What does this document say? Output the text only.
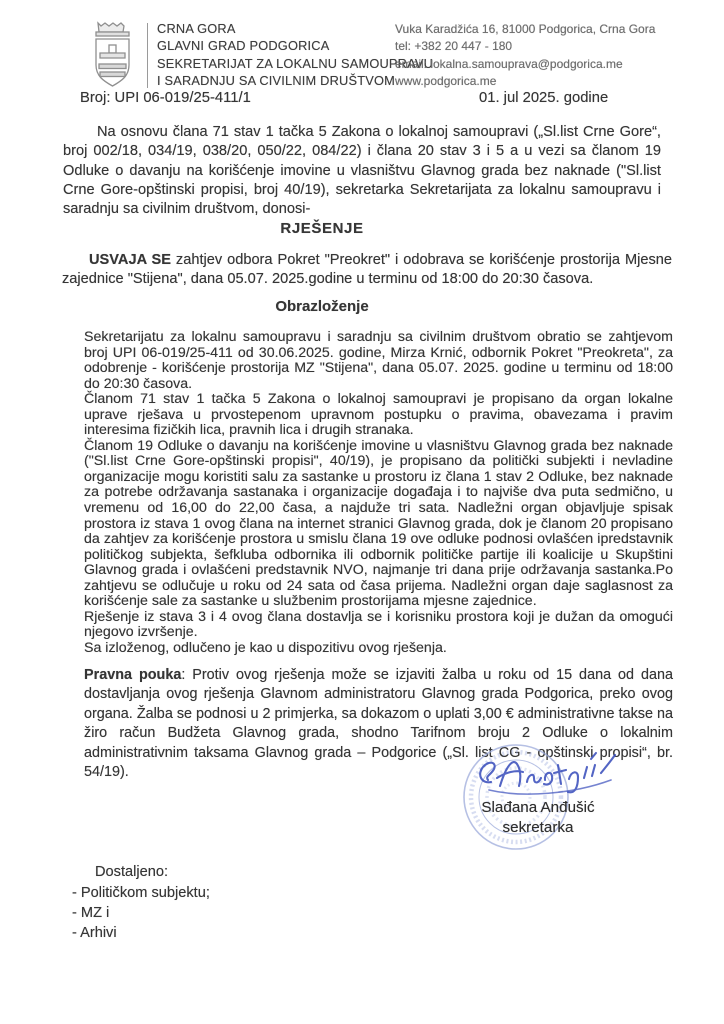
CRNA GORA
GLAVNI GRAD PODGORICA
SEKRETARIJAT ZA LOKALNU SAMOUPRAVU
I SARADNJU SA CIVILNIM DRUŠTVOM
Vuka Karadžića 16, 81000 Podgorica, Crna Gora
tel: +382 20 447 - 180
email: lokalna.samouprava@podgorica.me
www.podgorica.me
Broj: UPI 06-019/25-411/1	01. jul 2025. godine

Na osnovu člana 71 stav 1 tačka 5 Zakona o lokalnoj samoupravi („Sl.list Crne Gore“, broj 002/18, 034/19, 038/20, 050/22, 084/22) i člana 20 stav 3 i 5 a u vezi sa članom 19 Odluke o davanju na korišćenje imovine u vlasništvu Glavnog grada bez naknade ("Sl.list Crne Gore-opštinski propisi, broj 40/19), sekretarka Sekretarijata za lokalnu samoupravu i saradnju sa civilnim društvom, donosi-

RJEŠENJE

USVAJA SE zahtjev odbora Pokret "Preokret" i odobrava se korišćenje prostorija Mjesne zajednice "Stijena", dana 05.07. 2025.godine u terminu od 18:00 do 20:30 časova.

Obrazloženje

Sekretarijatu za lokalnu samoupravu i saradnju sa civilnim društvom obratio se zahtjevom broj UPI 06-019/25-411 od 30.06.2025. godine, Mirza Krnić, odbornik Pokret "Preokreta", za odobrenje - korišćenje prostorija MZ "Stijena", dana 05.07. 2025. godine u terminu od 18:00 do 20:30 časova.

Članom 71 stav 1 tačka 5 Zakona o lokalnoj samoupravi je propisano da organ lokalne uprave rješava u prvostepenom upravnom postupku o pravima, obavezama i pravim interesima fizičkih lica, pravnih lica i drugih stranaka.

Članom 19 Odluke o davanju na korišćenje imovine u vlasništvu Glavnog grada bez naknade ("Sl.list Crne Gore-opštinski propisi", 40/19), je propisano da politički subjekti i nevladine organizacije mogu koristiti salu za sastanke u prostoru iz člana 1 stav 2 Odluke, bez naknade za potrebe održavanja sastanaka i organizacije događaja i to najviše dva puta sedmično, u vremenu od 16,00 do 22,00 časa, a najduže tri sata. Nadležni organ objavljuje spisak prostora iz stava 1 ovog člana na internet stranici Glavnog grada, dok je članom 20 propisano da zahtjev za korišćenje prostora u smislu člana 19 ove odluke podnosi ovlašćen ipredstavnik političkog subjekta, šefkluba odbornika ili odbornik političke partije ili koalicije u Skupštini Glavnog grada i ovlašćeni predstavnik NVO, najmanje tri dana prije održavanja sastanka.Po zahtjevu se odlučuje u roku od 24 sata od časa prijema. Nadležni organ daje saglasnost za korišćenje sale za sastanke u službenim prostorijama mjesne zajednice.

Rješenje iz stava 3 i 4 ovog člana dostavlja se i korisniku prostora koji je dužan da omogući njegovo izvršenje.

Sa izloženog, odlučeno je kao u dispozitivu ovog rješenja.

Pravna pouka: Protiv ovog rješenja može se izjaviti žalba u roku od 15 dana od dana dostavljanja ovog rješenja Glavnom administratoru Glavnog grada Podgorica, preko ovog organa. Žalba se podnosi u 2 primjerka, sa dokazom o uplati 3,00 € administrativne takse na žiro račun Budžeta Glavnog grada, shodno Tarifnom broju 2 Odluke o lokalnim administrativnim taksama Glavnog grada – Podgorice („Sl. list CG - opštinski propisi“, br. 54/19).

Slađana Anđušić
sekretarka
Dostaljeno:
- Političkom subjektu;
- MZ i
- Arhivi
